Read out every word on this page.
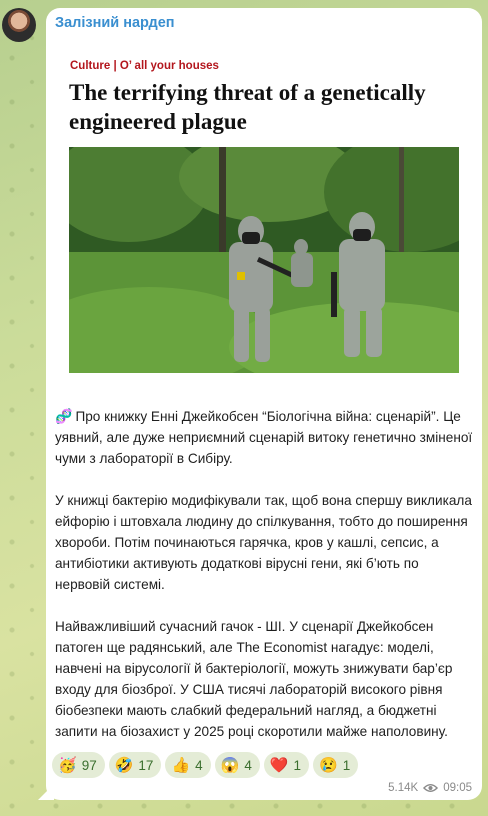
Залізний нардеп
Culture | O’ all your houses
The terrifying threat of a genetically engineered plague

🧬 Про книжку Енні Джейкобсен “Біологічна війна: сценарій”. Це уявний, але дуже неприємний сценарій витоку генетично зміненої чуми з лабораторії в Сибіру.

У книжці бактерію модифікували так, щоб вона спершу викликала ейфорію і штовхала людину до спілкування, тобто до поширення хвороби. Потім починаються гарячка, кров у кашлі, сепсис, а антибіотики активують додаткові вірусні гени, які б’ють по нервовій системі.

Найважливіший сучасний гачок - ШІ. У сценарії Джейкобсен патоген ще радянський, але The Economist нагадує: моделі, навчені на вірусології й бактеріології, можуть знижувати бар’єр входу для біозброї. У США тисячі лабораторій високого рівня біобезпеки мають слабкий федеральний нагляд, а бюджетні запити на біозахист у 2025 році скоротили майже наполовину.

🥳 97 🤣 17 👍 4 😱 4 ❤️ 1 😢 1
5.14K 09:05
